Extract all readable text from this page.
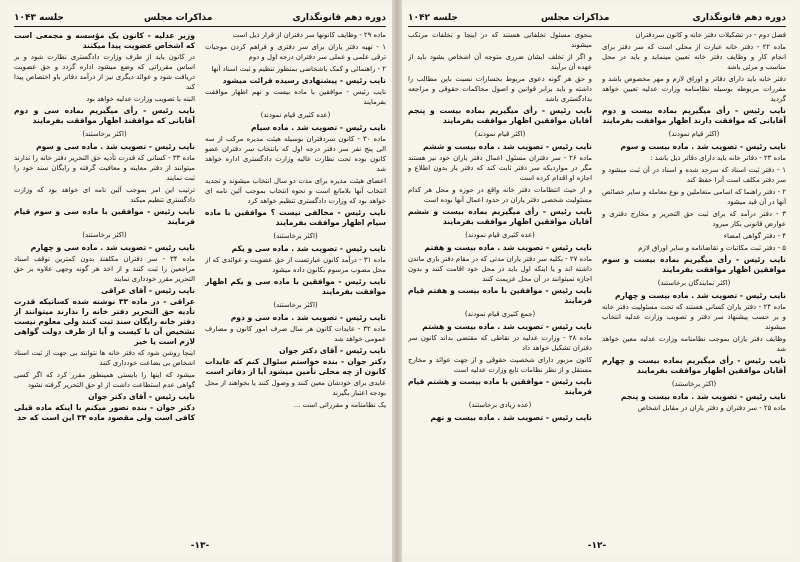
دوره دهم قانونگذاری
مذاکرات مجلس
جلسه ۱۰۴۳

ماده ۲۹ - وظایف کانونها سر دفتران از قرار ذیل است

۱ - تهیه دفتر یاران برای سر دفتری و فراهم کردن موجبات ترقی علمی و عملی سر دفتران درجه اول و دوم

۲ - راهنمائی و کمک باشخاصی بمنظور تنظیم و ثبت اسناد آنها

نایب رئیس - پیشنهادی رسیده قرائت میشود

نایب رئیس - موافقین با ماده بیست و نهم اظهار موافقت بفرمایند

(عده کثیری قیام نمودند)

نایب رئیس - تصویب شد . ماده سیام

ماده ۳۰ - کانون سردفتران بوسیله هیئت مدیره مرکب از سه الی پنج نفر سر دفتر درجه اول که بانتخاب سر دفتران عضو کانون بوده تحت نظارت عالیه وزارت دادگستری اداره خواهد شد

اعضای هیئت مدیره برای مدت دو سال انتخاب میشوند و تجدید انتخاب آنها بلامانع است و نحوه انتخاب بموجب آئین نامه ای خواهد بود که وزارت دادگستری تنظیم خواهد کرد

نایب رئیس - مخالفی نیست ؟ موافقین با ماده سیام اظهار موافقت بفرمایند

(اکثر برخاستند)

نایب رئیس - تصویب شد . ماده سی و یکم

ماده ۳۱ - درآمد کانون عبارتست از حق عضویت و عوائدی که از محل مصوب مرسوم بکانون داده میشود

نایب رئیس - موافقین با ماده سی و یکم اظهار موافقت بفرمایند

(اکثر برخاستند)

نایب رئیس - تصویب شد . ماده سی و دوم

ماده ۳۲ - عایدات کانون هر سال صرف امور کانون و مصارف عمومی خواهد شد

نایب رئیس - آقای دکتر جوان

دکتر جوان - بنده خواستم سئوال کنم که عایدات کانون از چه محلی تأمین میشود آیا از دفاتر است

عایدی برای خودشان معین کنند و وصول کنند یا بخواهند از محل بودجه اعتبار بگیرند

یک نظامنامه و مقرراتی است ...

وزیر عدلیه - کانون یک مؤسسه و مجمعی است که اشخاص عضویت پیدا میکنند

در کانون باید از طرف وزارت دادگستری نظارت شود و بر اساس مقرراتی که وضع میشود اداره گردد و حق عضویت دریافت شود و عوائد دیگری نیز از درآمد دفاتر باو اختصاص پیدا کند

البته با تصویب وزارت عدلیه خواهد بود

نایب رئیس - رأی میگیریم بماده سی و دوم آقایانی که موافقند اظهار موافقت بفرمایند

(اکثر برخاستند)

نایب رئیس - تصویب شد . ماده سی و سوم

ماده ۳۳ - کسانی که قدرت تأدیه حق التحریر دفتر خانه را ندارند میتوانند از دفتر معاینه و معافیت گرفته و رایگان سند خود را ثبت نمایند

ترتیب این امر بموجب آئین نامه ای خواهد بود که وزارت دادگستری تنظیم میکند

نایب رئیس - موافقین با ماده سی و سوم قیام فرمایند

(اکثر برخاستند)

نایب رئیس - تصویب شد . ماده سی و چهارم

ماده ۳۴ - سر دفتران مکلفند بدون کمترین توقف اسناد مراجعین را ثبت کنند و از اخذ هر گونه وجهی علاوه بر حق التحریر مقرر خودداری نمایند

نایب رئیس - آقای عراقی

عراقی - در ماده ۳۳ نوشته شده کسانیکه قدرت تأدیه حق التحریر دفتر خانه را ندارند میتوانند از دفتر خانه رایگان سند ثبت کنند ولی معلوم نیست تشخیص آن با کیست و آیا از طرف دولت گواهی لازم است یا خیر

اینجا روشن شود که دفتر خانه ها نتوانند بی جهت از ثبت اسناد اشخاص بی بضاعت خودداری کنند

میشود که اینها را بایستی همینطور مقرر کرد که اگر کسی گواهی عدم استطاعت داشت از او حق التحریر گرفته نشود

نایب رئیس - آقای دکتر جوان

دکتر جوان - بنده تصور میکنم با اینکه ماده قبلی کافی است ولی مقصود ماده ۳۴ این است که حد

-۱۳-
دوره دهم قانونگذاری
مذاکرات مجلس
جلسه ۱۰۴۲

فصل دوم - در تشکیلات دفتر خانه و کانون سردفتران

ماده ۲۲ - دفتر خانه عبارت از محلی است که سر دفتر برای انجام کار و وظایف دفتر خانه تعیین مینماید و باید در محل مناسب و مرئی باشد

دفتر خانه باید دارای دفاتر و اوراق لازم و مهر مخصوص باشد و مقررات مربوطه بوسیله نظامنامه وزارت عدلیه تعیین خواهد گردید

نایب رئیس - رأی میگیریم بماده بیست و دوم آقایانی که موافقت دارند اظهار موافقت بفرمایند

(اکثر قیام نمودند)

نایب رئیس - تصویب شد . ماده بیست و سوم

ماده ۲۳ - دفاتر خانه باید دارای دفاتر ذیل باشد :

۱ - دفتر ثبت اسناد که سرحد شده و اسناد در آن ثبت میشود و سر دفتر مکلف است آنرا حفظ کند

۲ - دفتر راهنما که اسامی متعاملین و نوع معامله و سایر خصائص آنها در آن قید میشود

۳ - دفتر درآمد که برای ثبت حق التحریر و مخارج دفتری و عوارض قانونی بکار میرود

۴ - دفتر گواهی امضاء

۵ - دفتر ثبت مکاتبات و تقاضانامه و سایر اوراق لازم

نایب رئیس - رأی میگیریم بماده بیست و سوم موافقین اظهار موافقت بفرمایند

(اکثر نمایندگان برخاستند)

نایب رئیس - تصویب شد . ماده بیست و چهارم

ماده ۲۴ - دفتر یاران کسانی هستند که تحت مسئولیت دفتر خانه و بر حسب پیشنهاد سر دفتر و تصویب وزارت عدلیه انتخاب میشوند

وظایف دفتر یاران بموجب نظامنامه وزارت عدلیه معین خواهد شد

نایب رئیس - رأی میگیریم بماده بیست و چهارم آقایان موافقین اظهار موافقت بفرمایند

(اکثر برخاستند)

نایب رئیس - تصویب شد . ماده بیست و پنجم

ماده ۲۵ - سر دفتران و دفتر یاران در مقابل اشخاص

بنحوی مسئول تخلفاتی هستند که در اینجا و تخلفات مرتکب میشوند

و اگر از تخلف ایشان ضرری متوجه آن اشخاص بشود باید از عهده آن برآیند

و حق هر گونه دعوی مربوط بخسارات نسبت باین مطالب را داشته و باید برابر قوانین و اصول محاکمات حقوقی و مراجعه بدادگستری باشد

نایب رئیس - رأی میگیریم بماده بیست و پنجم آقایان موافقین اظهار موافقت بفرمایند

(اکثر قیام نمودند)

نایب رئیس - تصویب شد . ماده بیست و ششم

ماده ۲۶ - سر دفتران مسئول اعمال دفتر یاران خود نیز هستند مگر در مواردیکه سر دفتر ثابت کند که دفتر یار بدون اطلاع و اجازه او اقدام کرده است

و از حیث انتظامات دفتر خانه واقع در حوزه و محل هر کدام مسئولیت شخصی دفتر یاران در حدود اعمال آنها بوده است

نایب رئیس - رأی میگیریم بماده بیست و ششم آقایان موافقین اظهار موافقت بفرمایند

(عده کثیری قیام نمودند)

نایب رئیس - تصویب شد . ماده بیست و هفتم

ماده ۲۷ - بکلیه سر دفتر یاران مدتی که در مقام دفتر یاری ماندن داشته اند و یا اینکه اول باید در محل خود اقامت کنند و بدون اجازه نمیتوانند در آن محل عزیمت کنند

نایب رئیس - موافقین با ماده بیست و هفتم قیام فرمایند

(جمع کثیری قیام نمودند)

نایب رئیس - تصویب شد . ماده بیست و هشتم

ماده ۲۸ - وزارت عدلیه در نقاطی که مقتضی بداند کانون سر دفتران تشکیل خواهد داد

کانون مزبور دارای شخصیت حقوقی و از جهت عوائد و مخارج مستقل و از نظر نظامات تابع وزارت عدلیه است

نایب رئیس - موافقین با ماده بیست و هشتم قیام فرمایند

(عده زیادی برخاستند)

نایب رئیس - تصویب شد . ماده بیست و نهم

-۱۲-
